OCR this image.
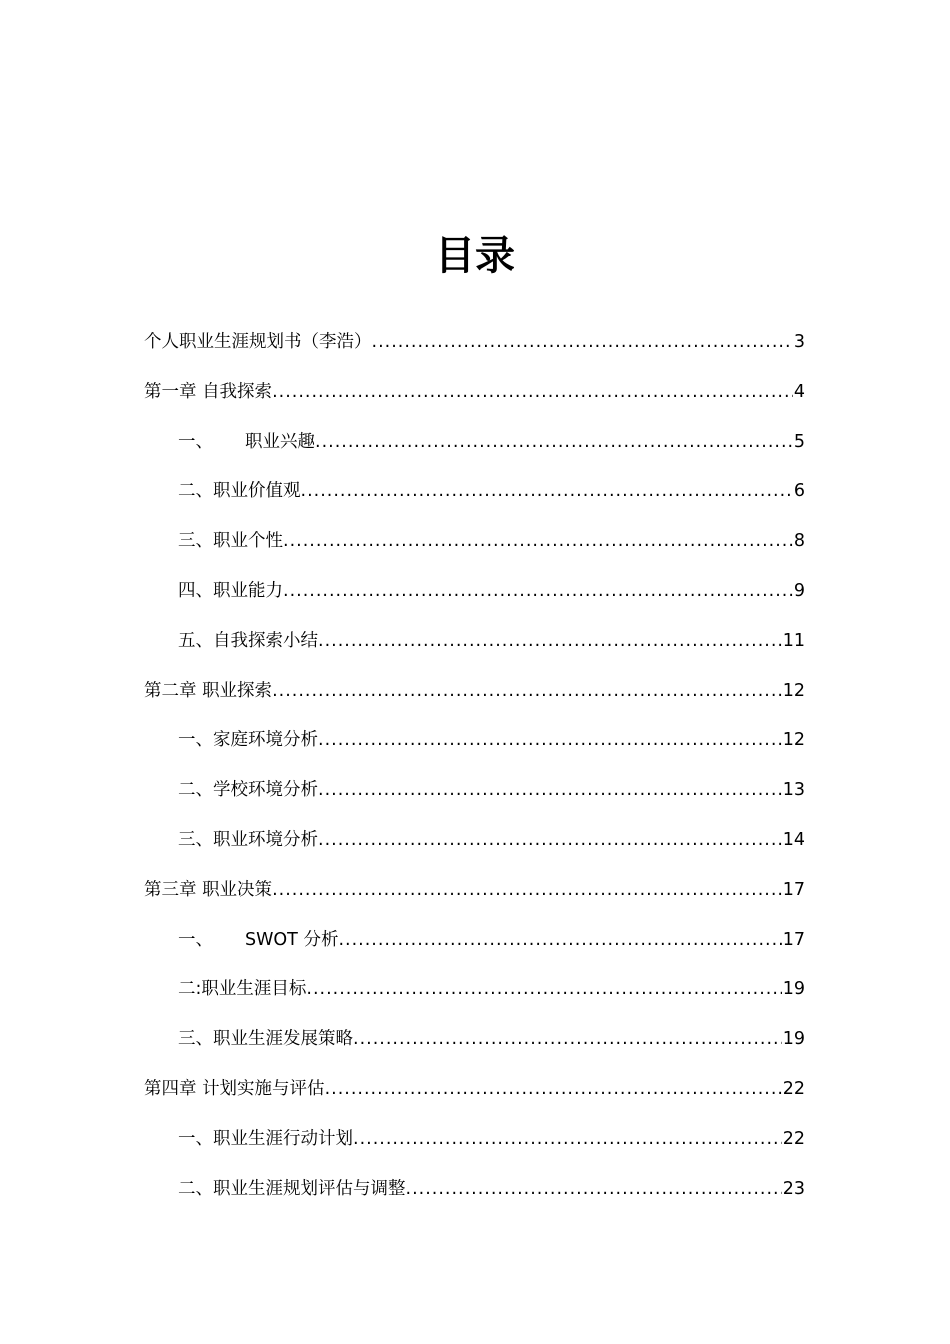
目录
个人职业生涯规划书（李浩） .....	3
第一章 自我探索 .....	4
一、 职业兴趣 .....	5
二、职业价值观 .....	6
三、职业个性 .....	8
四、职业能力 .....	9
五、自我探索小结 .....	11
第二章 职业探索 .....	12
一、家庭环境分析 .....	12
二、学校环境分析 .....	13
三、职业环境分析 .....	14
第三章 职业决策 .....	17
一、 SWOT 分析 .....	17
二:职业生涯目标 .....	19
三、职业生涯发展策略 .....	19
第四章 计划实施与评估 .....	22
一、职业生涯行动计划 .....	22
二、职业生涯规划评估与调整 .....	23
